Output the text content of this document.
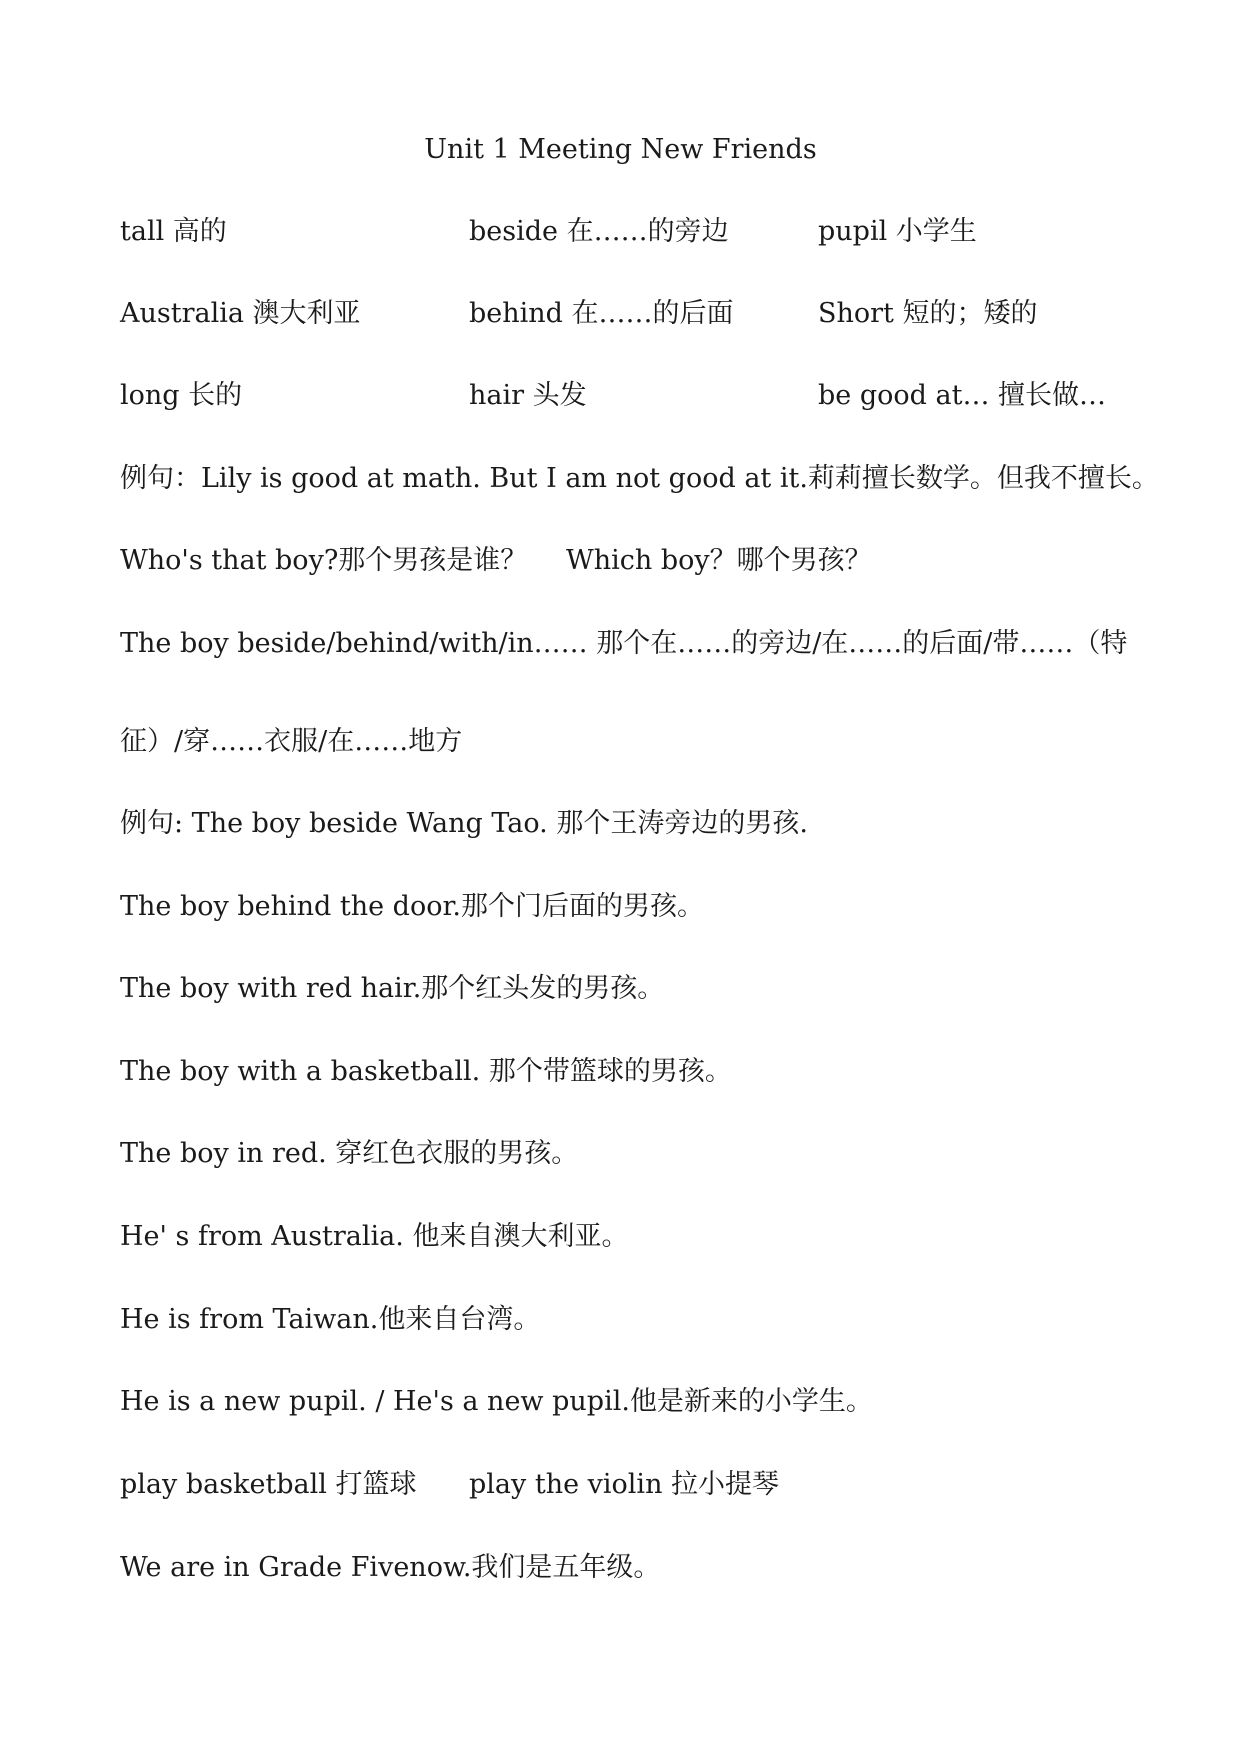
Unit 1 Meeting New Friends
tall 高的	beside 在……的旁边	pupil 小学生
Australia 澳大利亚	behind 在……的后面	Short 短的；矮的
long 长的	hair 头发	be good at… 擅长做…
例句：Lily is good at math. But I am not good at it.莉莉擅长数学。但我不擅长。
Who's that boy?那个男孩是谁？ Which boy？哪个男孩？
The boy beside/behind/with/in…… 那个在……的旁边/在……的后面/带……（特
征）/穿……衣服/在……地方
例句: The boy beside Wang Tao. 那个王涛旁边的男孩.
The boy behind the door.那个门后面的男孩。
The boy with red hair.那个红头发的男孩。
The boy with a basketball. 那个带篮球的男孩。
The boy in red. 穿红色衣服的男孩。
He' s from Australia. 他来自澳大利亚。
He is from Taiwan.他来自台湾。
He is a new pupil. / He's a new pupil.他是新来的小学生。
play basketball 打篮球 play the violin 拉小提琴
We are in Grade Fivenow.我们是五年级。
